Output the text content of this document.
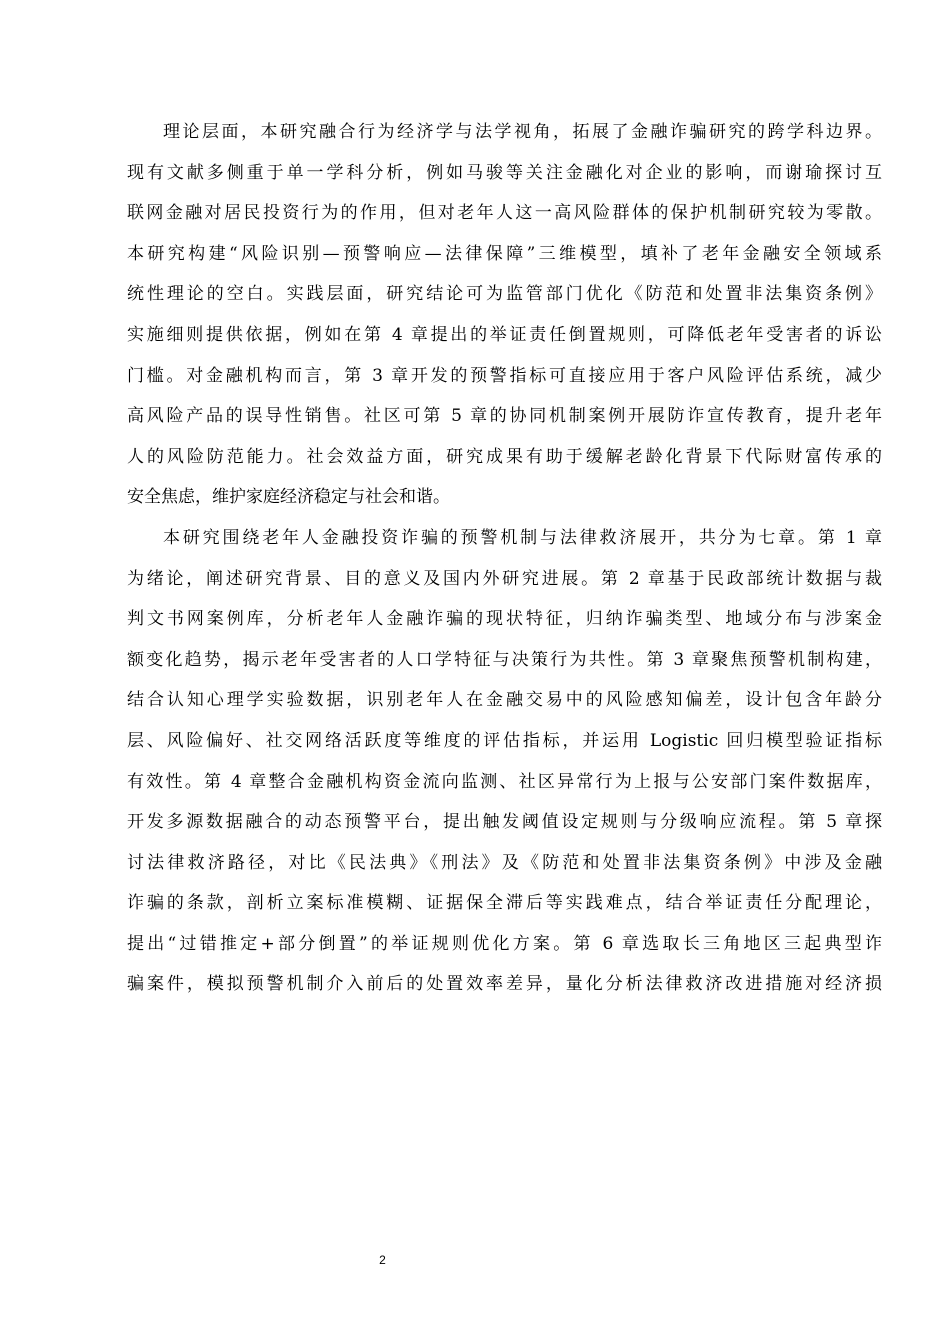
理论层面，本研究融合行为经济学与法学视角，拓展了金融诈骗研究的跨学科边界。
现有文献多侧重于单一学科分析，例如马骏等关注金融化对企业的影响，而谢瑜探讨互
联网金融对居民投资行为的作用，但对老年人这一高风险群体的保护机制研究较为零散。
本研究构建“风险识别—预警响应—法律保障”三维模型，填补了老年金融安全领域系
统性理论的空白。实践层面，研究结论可为监管部门优化《防范和处置非法集资条例》
实施细则提供依据，例如在第 4 章提出的举证责任倒置规则，可降低老年受害者的诉讼
门槛。对金融机构而言，第 3 章开发的预警指标可直接应用于客户风险评估系统，减少
高风险产品的误导性销售。社区可第 5 章的协同机制案例开展防诈宣传教育，提升老年
人的风险防范能力。社会效益方面，研究成果有助于缓解老龄化背景下代际财富传承的
安全焦虑，维护家庭经济稳定与社会和谐。
本研究围绕老年人金融投资诈骗的预警机制与法律救济展开，共分为七章。第 1 章
为绪论，阐述研究背景、目的意义及国内外研究进展。第 2 章基于民政部统计数据与裁
判文书网案例库，分析老年人金融诈骗的现状特征，归纳诈骗类型、地域分布与涉案金
额变化趋势，揭示老年受害者的人口学特征与决策行为共性。第 3 章聚焦预警机制构建，
结合认知心理学实验数据，识别老年人在金融交易中的风险感知偏差，设计包含年龄分
层、风险偏好、社交网络活跃度等维度的评估指标，并运用 Logistic 回归模型验证指标
有效性。第 4 章整合金融机构资金流向监测、社区异常行为上报与公安部门案件数据库，
开发多源数据融合的动态预警平台，提出触发阈值设定规则与分级响应流程。第 5 章探
讨法律救济路径，对比《民法典》《刑法》及《防范和处置非法集资条例》中涉及金融
诈骗的条款，剖析立案标准模糊、证据保全滞后等实践难点，结合举证责任分配理论，
提出“过错推定+部分倒置”的举证规则优化方案。第 6 章选取长三角地区三起典型诈
骗案件，模拟预警机制介入前后的处置效率差异，量化分析法律救济改进措施对经济损
2
